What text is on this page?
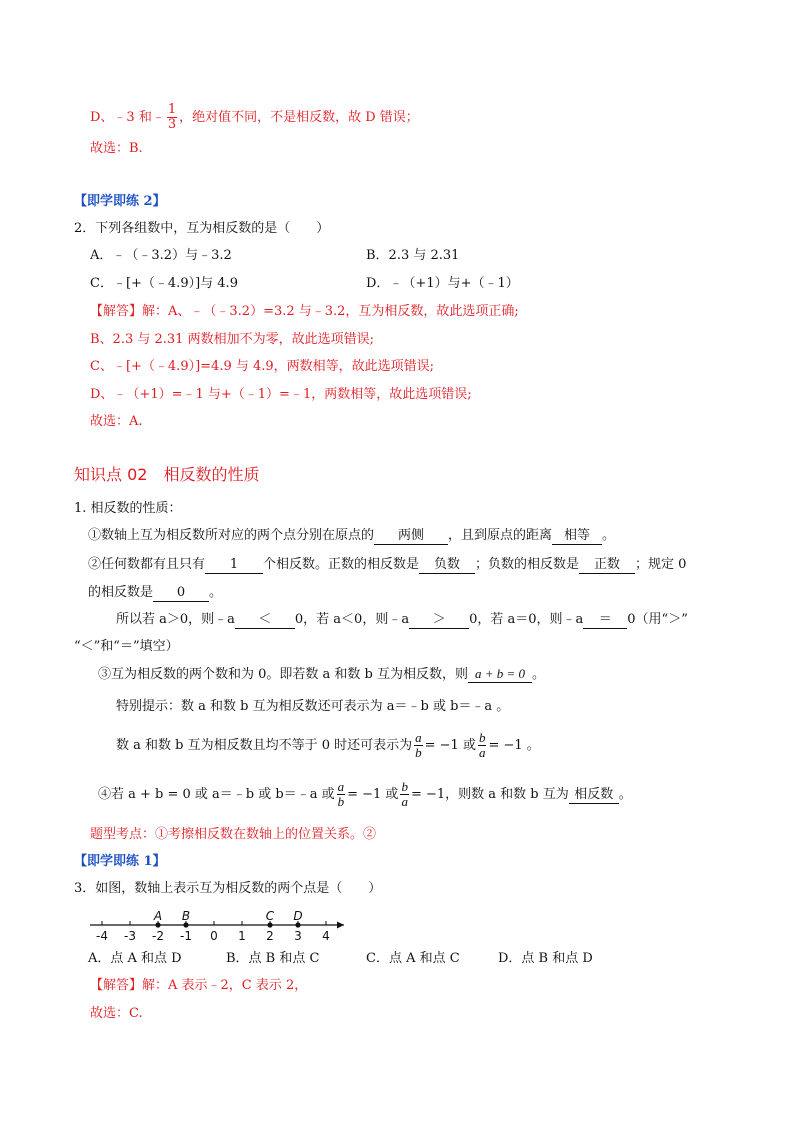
D、﹣3 和﹣ $\frac{1}{3}$ ，绝对值不同，不是相反数，故 D 错误；
故选：B.
【即学即练 2】
2．下列各组数中，互为相反数的是（　　）
A．﹣（﹣3.2）与﹣3.2	B．2.3 与 2.31
C．﹣[+（﹣4.9）]与 4.9	D．﹣（+1）与+（﹣1）
【解答】解：A、﹣（﹣3.2）=3.2 与﹣3.2，互为相反数，故此选项正确;
B、2.3 与 2.31 两数相加不为零，故此选项错误;
C、﹣[+（﹣4.9）]=4.9 与 4.9，两数相等，故此选项错误;
D、﹣（+1）=﹣1 与+（﹣1）=﹣1，两数相等，故此选项错误;
故选：A.
知识点 02　相反数的性质
1. 相反数的性质：
①数轴上互为相反数所对应的两个点分别在原点的 两侧 ，且到原点的距离 相等 。
②任何数都有且只有 1 个相反数。正数的相反数是 负数 ；负数的相反数是 正数 ；规定 0
的相反数是 0 。
所以若 a＞0，则﹣a ＜ 0，若 a＜0，则﹣a ＞ 0，若 a＝0，则﹣a ＝ 0（用“＞”
“＜”和“＝”填空）
③互为相反数的两个数和为 0。即若数 a 和数 b 互为相反数，则 a + b = 0 。
特别提示：数 a 和数 b 互为相反数还可表示为 a＝﹣b 或 b＝﹣a 。
数 a 和数 b 互为相反数且均不等于 0 时还可表示为 $\frac{a}{b} = -1$ 或 $\frac{b}{a} = -1$ 。
④若 a + b = 0 或 a＝﹣b 或 b＝﹣a 或 $\frac{a}{b} = -1$ 或 $\frac{b}{a} = -1$，则数 a 和数 b 互为 相反数 。
题型考点：①考擦相反数在数轴上的位置关系。②
【即学即练 1】
3．如图，数轴上表示互为相反数的两个点是（　　）
-4 -3 -2 -1 0 1 2 3 4
A B	C D
A．点 A 和点 D	B．点 B 和点 C	C．点 A 和点 C	D．点 B 和点 D
【解答】解：A 表示﹣2，C 表示 2，
故选：C.
